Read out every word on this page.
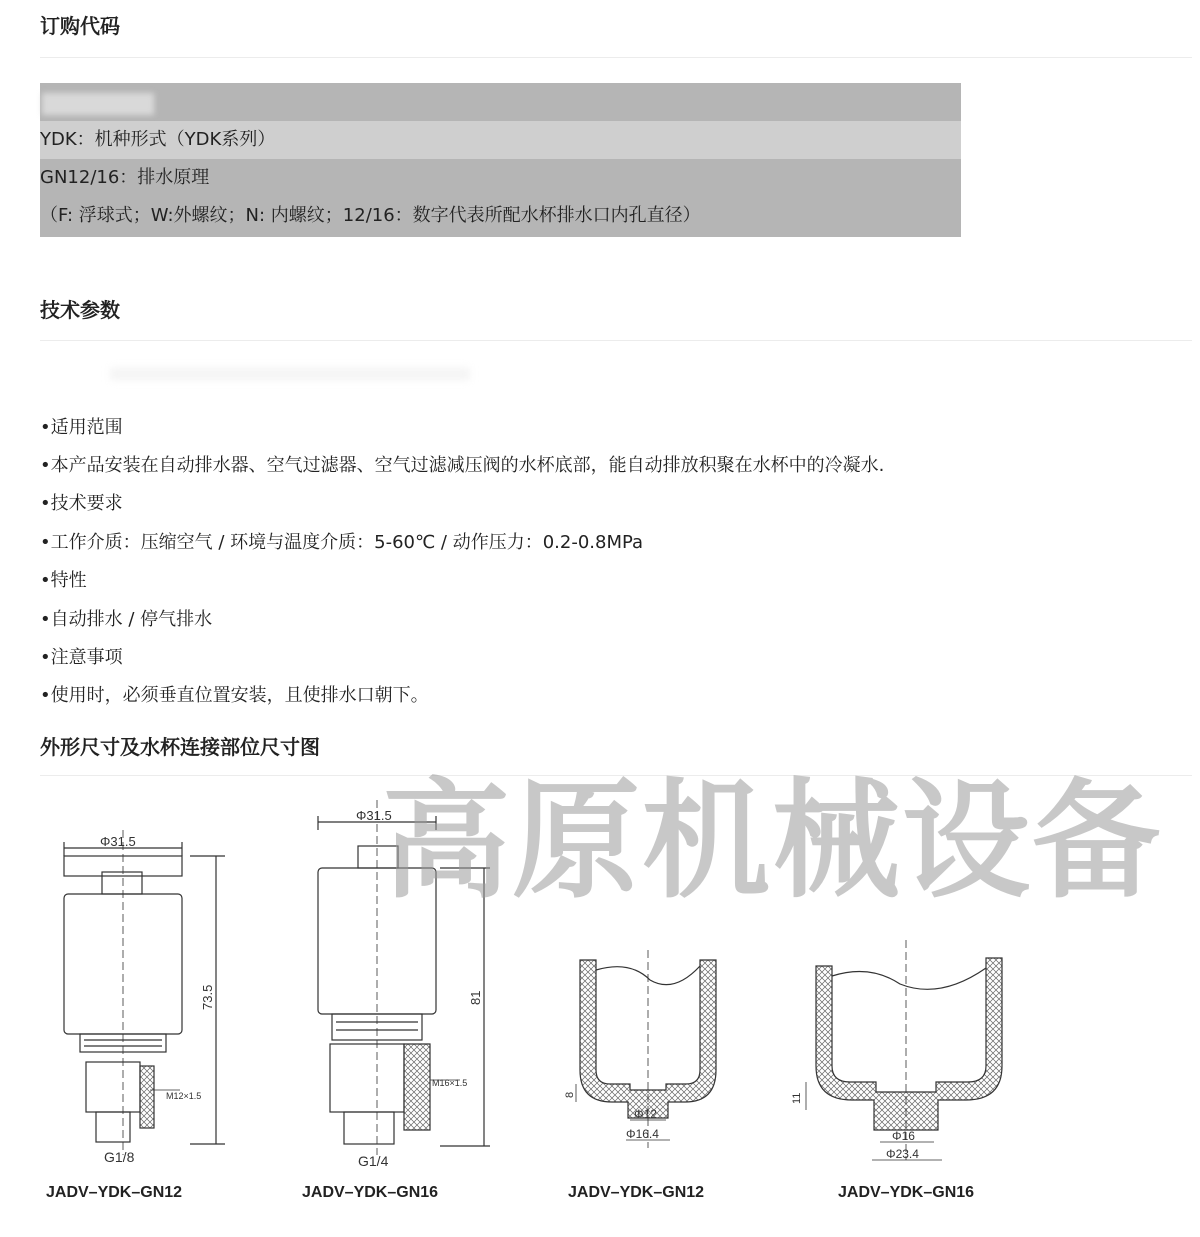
订购代码
YDK：机种形式（YDK系列）
GN12/16：排水原理
（F: 浮球式；W:外螺纹；N: 内螺纹；12/16：数字代表所配水杯排水口内孔直径）
技术参数
•适用范围
•本产品安装在自动排水器、空气过滤器、空气过滤减压阀的水杯底部，能自动排放积聚在水杯中的冷凝水.
•技术要求
•工作介质：压缩空气 / 环境与温度介质：5-60℃ / 动作压力：0.2-0.8MPa
•特性
•自动排水 / 停气排水
•注意事项
•使用时，必须垂直位置安装，且使排水口朝下。
外形尺寸及水杯连接部位尺寸图
Φ31.5
73.5
M12×1.5
G1/8
Φ31.5
81
M16×1.5
G1/4
8
Φ12
Φ16.4
11
Φ16
Φ23.4
JADV–YDK–GN12	JADV–YDK–GN16	JADV–YDK–GN12	JADV–YDK–GN16
高原机械设备
